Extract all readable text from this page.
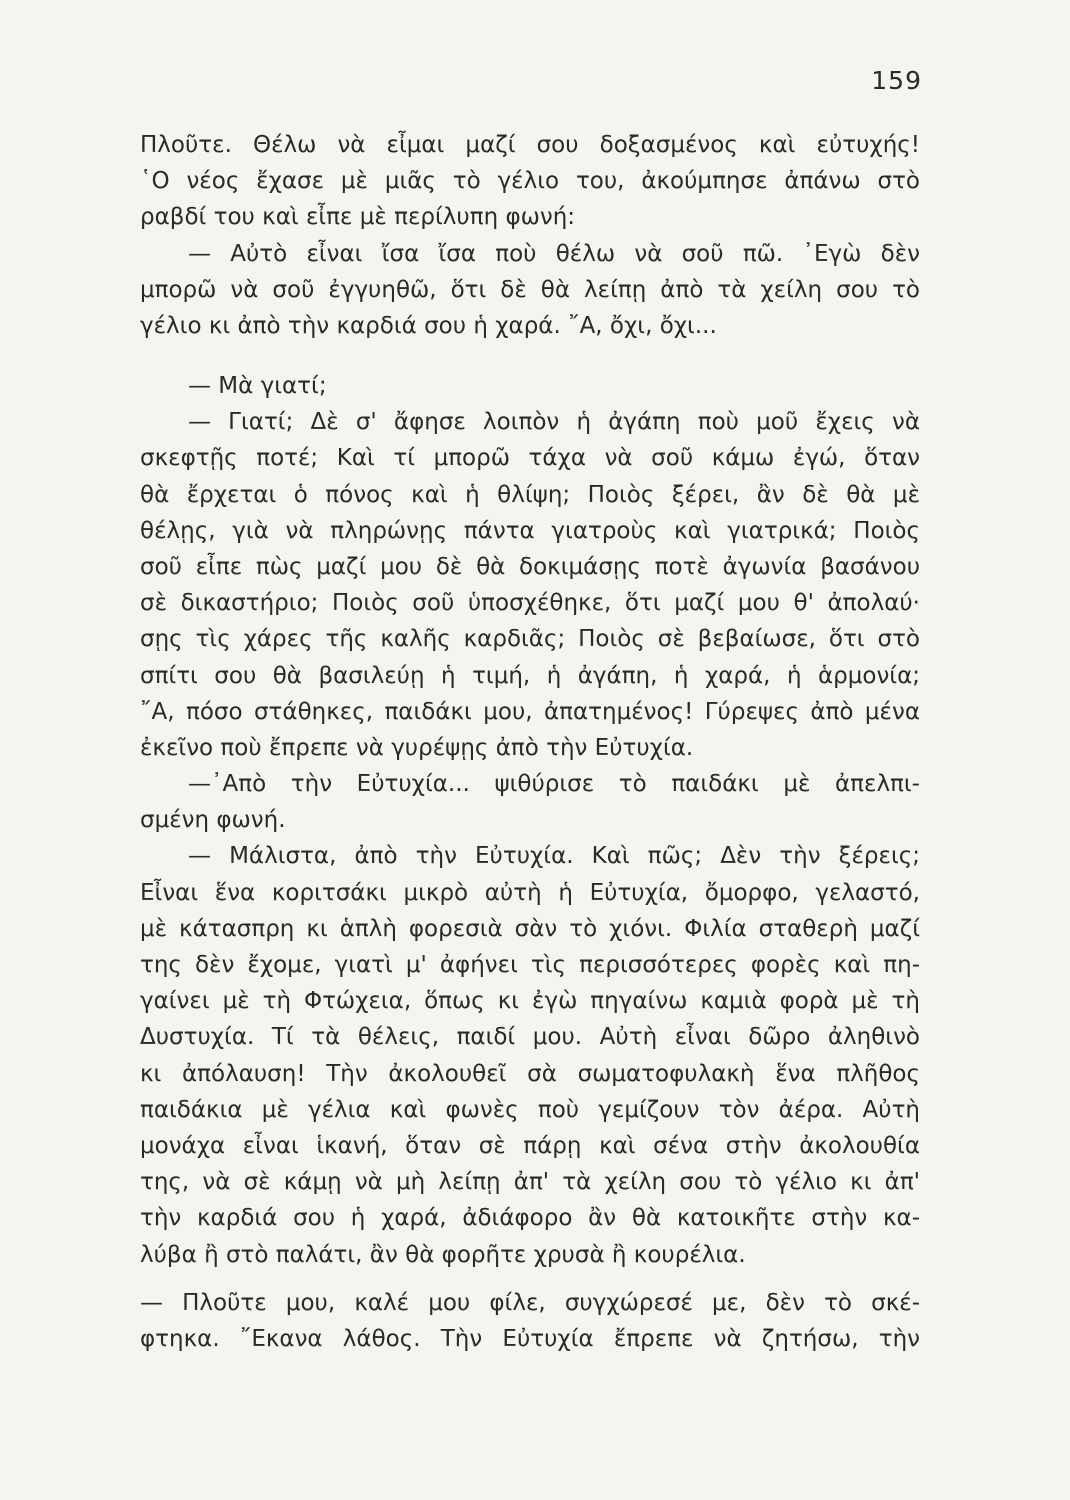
159
Πλοῦτε. Θέλω νὰ εἶμαι μαζί σου δοξασμένος καὶ εὐτυχής!
῾Ο νέος ἔχασε μὲ μιᾶς τὸ γέλιο του, ἀκούμπησε ἀπάνω στὸ
ραβδί του καὶ εἶπε μὲ περίλυπη φωνή:
— Αὐτὸ εἶναι ἴσα ἴσα ποὺ θέλω νὰ σοῦ πῶ. ᾿Εγὼ δὲν
μπορῶ νὰ σοῦ ἐγγυηθῶ, ὅτι δὲ θὰ λείπῃ ἀπὸ τὰ χείλη σου τὸ
γέλιο κι ἀπὸ τὴν καρδιά σου ἡ χαρά. ῎Α, ὄχι, ὄχι...
— Μὰ γιατί;
— Γιατί; Δὲ σ' ἄφησε λοιπὸν ἡ ἀγάπη ποὺ μοῦ ἔχεις νὰ
σκεφτῇς ποτέ; Καὶ τί μπορῶ τάχα νὰ σοῦ κάμω ἐγώ, ὅταν
θὰ ἔρχεται ὁ πόνος καὶ ἡ θλίψη; Ποιὸς ξέρει, ἂν δὲ θὰ μὲ
θέλῃς, γιὰ νὰ πληρώνῃς πάντα γιατροὺς καὶ γιατρικά; Ποιὸς
σοῦ εἶπε πὼς μαζί μου δὲ θὰ δοκιμάσῃς ποτὲ ἀγωνία βασάνου
σὲ δικαστήριο; Ποιὸς σοῦ ὑποσχέθηκε, ὅτι μαζί μου θ' ἀπολαύ·
σῃς τὶς χάρες τῆς καλῆς καρδιᾶς; Ποιὸς σὲ βεβαίωσε, ὅτι στὸ
σπίτι σου θὰ βασιλεύῃ ἡ τιμή, ἡ ἀγάπη, ἡ χαρά, ἡ ἁρμονία;
῎Α, πόσο στάθηκες, παιδάκι μου, ἀπατημένος! Γύρεψες ἀπὸ μένα
ἐκεῖνο ποὺ ἔπρεπε νὰ γυρέψῃς ἀπὸ τὴν Εὐτυχία.
—᾿Απὸ τὴν Εὐτυχία... ψιθύρισε τὸ παιδάκι μὲ ἀπελπι-
σμένη φωνή.
— Μάλιστα, ἀπὸ τὴν Εὐτυχία. Καὶ πῶς; Δὲν τὴν ξέρεις;
Εἶναι ἕνα κοριτσάκι μικρὸ αὐτὴ ἡ Εὐτυχία, ὄμορφο, γελαστό,
μὲ κάτασπρη κι ἁπλὴ φορεσιὰ σὰν τὸ χιόνι. Φιλία σταθερὴ μαζί
της δὲν ἔχομε, γιατὶ μ' ἀφήνει τὶς περισσότερες φορὲς καὶ πη-
γαίνει μὲ τὴ Φτώχεια, ὅπως κι ἐγὼ πηγαίνω καμιὰ φορὰ μὲ τὴ
Δυστυχία. Τί τὰ θέλεις, παιδί μου. Αὐτὴ εἶναι δῶρο ἀληθινὸ
κι ἀπόλαυση! Τὴν ἀκολουθεῖ σὰ σωματοφυλακὴ ἕνα πλῆθος
παιδάκια μὲ γέλια καὶ φωνὲς ποὺ γεμίζουν τὸν ἀέρα. Αὐτὴ
μονάχα εἶναι ἱκανή, ὅταν σὲ πάρῃ καὶ σένα στὴν ἀκολουθία
της, νὰ σὲ κάμῃ νὰ μὴ λείπῃ ἀπ' τὰ χείλη σου τὸ γέλιο κι ἀπ'
τὴν καρδιά σου ἡ χαρά, ἀδιάφορο ἂν θὰ κατοικῆτε στὴν κα-
λύβα ἢ στὸ παλάτι, ἂν θὰ φορῆτε χρυσὰ ἢ κουρέλια.
— Πλοῦτε μου, καλέ μου φίλε, συγχώρεσέ με, δὲν τὸ σκέ-
φτηκα. ῎Εκανα λάθος. Τὴν Εὐτυχία ἔπρεπε νὰ ζητήσω, τὴν
